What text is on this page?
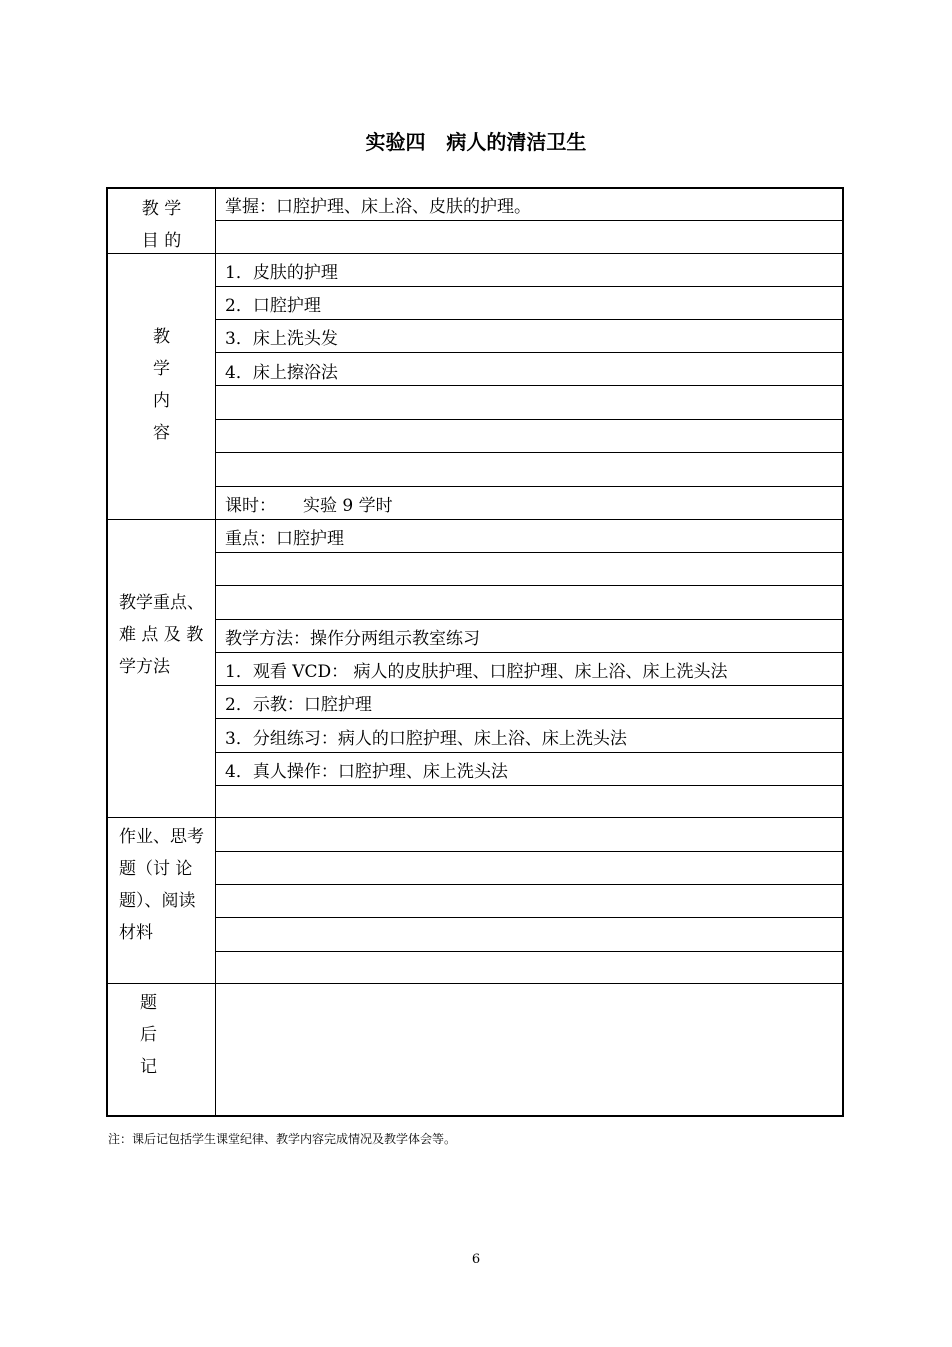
实验四   病人的清洁卫生
教 学
目 的
掌握：口腔护理、床上浴、皮肤的护理。
教
学
内
容
1．皮肤的护理
2．口腔护理
3．床上洗头发
4．床上擦浴法
课时：     实验 9 学时
教学重点、
难 点 及 教
学方法
重点：口腔护理
教学方法：操作分两组示教室练习
1．观看 VCD： 病人的皮肤护理、口腔护理、床上浴、床上洗头法
2．示教：口腔护理
3．分组练习：病人的口腔护理、床上浴、床上洗头法
4．真人操作：口腔护理、床上洗头法
作业、思考
题（讨 论
题）、阅读
材料
题
后
记
注：课后记包括学生课堂纪律、教学内容完成情况及教学体会等。
6
